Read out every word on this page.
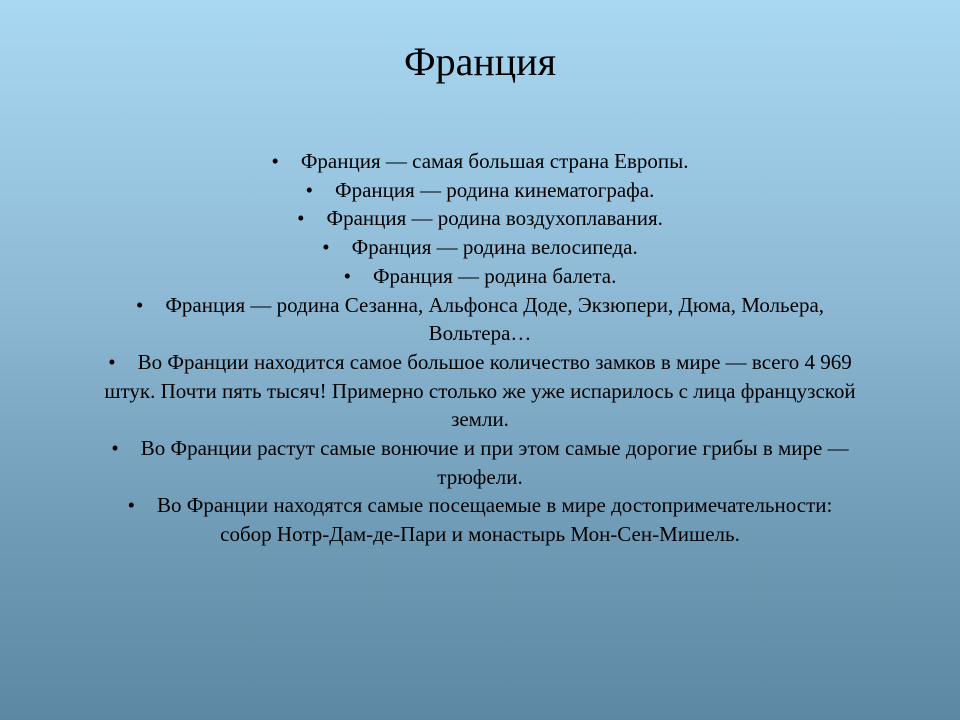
Франция
• Франция — самая большая страна Европы.
• Франция — родина кинематографа.
• Франция — родина воздухоплавания.
• Франция — родина велосипеда.
• Франция — родина балета.
• Франция — родина Сезанна, Альфонса Доде, Экзюпери, Дюма, Мольера, Вольтера…
• Во Франции находится самое большое количество замков в мире — всего 4 969 штук. Почти пять тысяч! Примерно столько же уже испарилось с лица французской земли.
• Во Франции растут самые вонючие и при этом самые дорогие грибы в мире — трюфели.
• Во Франции находятся самые посещаемые в мире достопримечательности: собор Нотр-Дам-де-Пари и монастырь Мон-Сен-Мишель.
